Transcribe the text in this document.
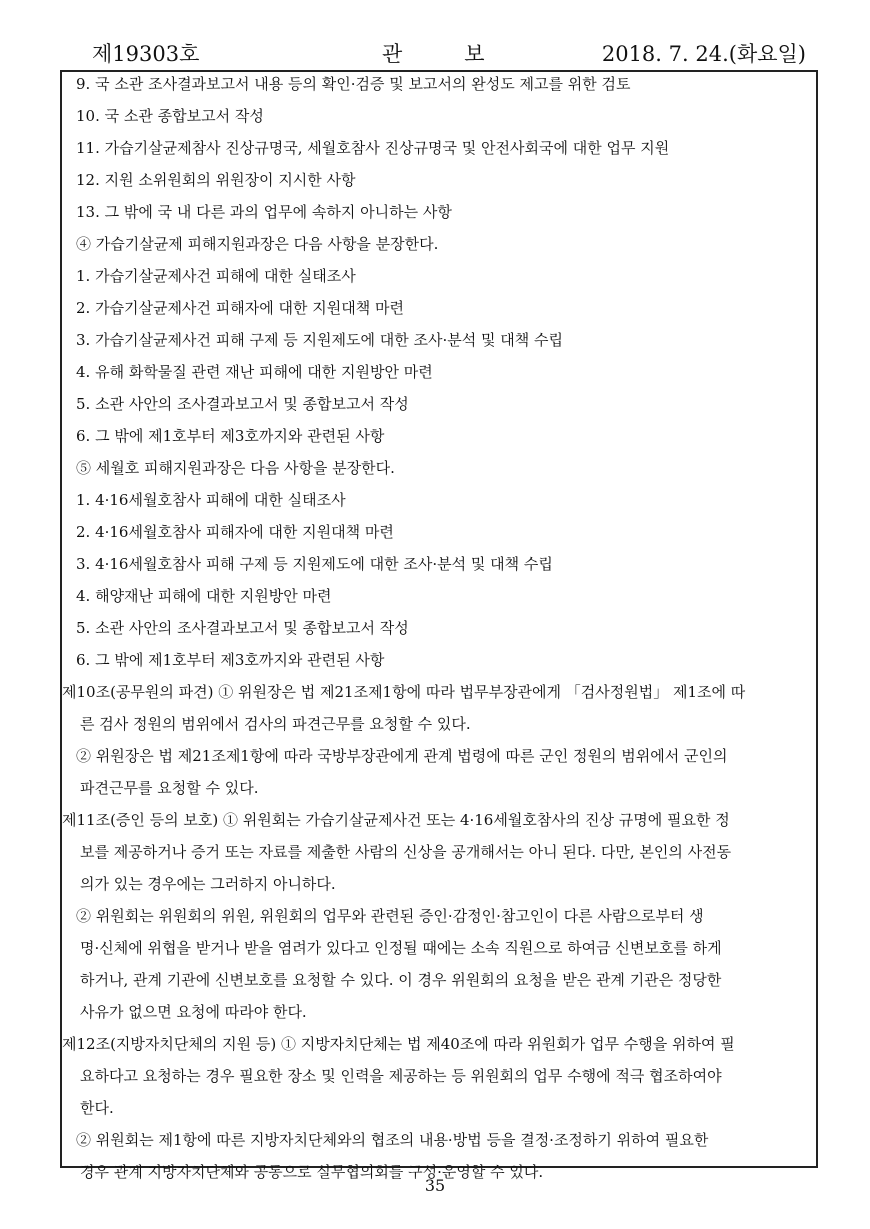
제19303호	관보	2018. 7. 24.(화요일)
9. 국 소관 조사결과보고서 내용 등의 확인·검증 및 보고서의 완성도 제고를 위한 검토
10. 국 소관 종합보고서 작성
11. 가습기살균제참사 진상규명국, 세월호참사 진상규명국 및 안전사회국에 대한 업무 지원
12. 지원 소위원회의 위원장이 지시한 사항
13. 그 밖에 국 내 다른 과의 업무에 속하지 아니하는 사항
④ 가습기살균제 피해지원과장은 다음 사항을 분장한다.
1. 가습기살균제사건 피해에 대한 실태조사
2. 가습기살균제사건 피해자에 대한 지원대책 마련
3. 가습기살균제사건 피해 구제 등 지원제도에 대한 조사·분석 및 대책 수립
4. 유해 화학물질 관련 재난 피해에 대한 지원방안 마련
5. 소관 사안의 조사결과보고서 및 종합보고서 작성
6. 그 밖에 제1호부터 제3호까지와 관련된 사항
⑤ 세월호 피해지원과장은 다음 사항을 분장한다.
1. 4·16세월호참사 피해에 대한 실태조사
2. 4·16세월호참사 피해자에 대한 지원대책 마련
3. 4·16세월호참사 피해 구제 등 지원제도에 대한 조사·분석 및 대책 수립
4. 해양재난 피해에 대한 지원방안 마련
5. 소관 사안의 조사결과보고서 및 종합보고서 작성
6. 그 밖에 제1호부터 제3호까지와 관련된 사항
제10조(공무원의 파견) ① 위원장은 법 제21조제1항에 따라 법무부장관에게 「검사정원법」 제1조에 따
른 검사 정원의 범위에서 검사의 파견근무를 요청할 수 있다.
② 위원장은 법 제21조제1항에 따라 국방부장관에게 관계 법령에 따른 군인 정원의 범위에서 군인의
파견근무를 요청할 수 있다.
제11조(증인 등의 보호) ① 위원회는 가습기살균제사건 또는 4·16세월호참사의 진상 규명에 필요한 정
보를 제공하거나 증거 또는 자료를 제출한 사람의 신상을 공개해서는 아니 된다. 다만, 본인의 사전동
의가 있는 경우에는 그러하지 아니하다.
② 위원회는 위원회의 위원, 위원회의 업무와 관련된 증인·감정인·참고인이 다른 사람으로부터 생
명·신체에 위협을 받거나 받을 염려가 있다고 인정될 때에는 소속 직원으로 하여금 신변보호를 하게
하거나, 관계 기관에 신변보호를 요청할 수 있다. 이 경우 위원회의 요청을 받은 관계 기관은 정당한
사유가 없으면 요청에 따라야 한다.
제12조(지방자치단체의 지원 등) ① 지방자치단체는 법 제40조에 따라 위원회가 업무 수행을 위하여 필
요하다고 요청하는 경우 필요한 장소 및 인력을 제공하는 등 위원회의 업무 수행에 적극 협조하여야
한다.
② 위원회는 제1항에 따른 지방자치단체와의 협조의 내용·방법 등을 결정·조정하기 위하여 필요한
경우 관계 지방자치단체와 공동으로 실무협의회를 구성·운영할 수 있다.
35
